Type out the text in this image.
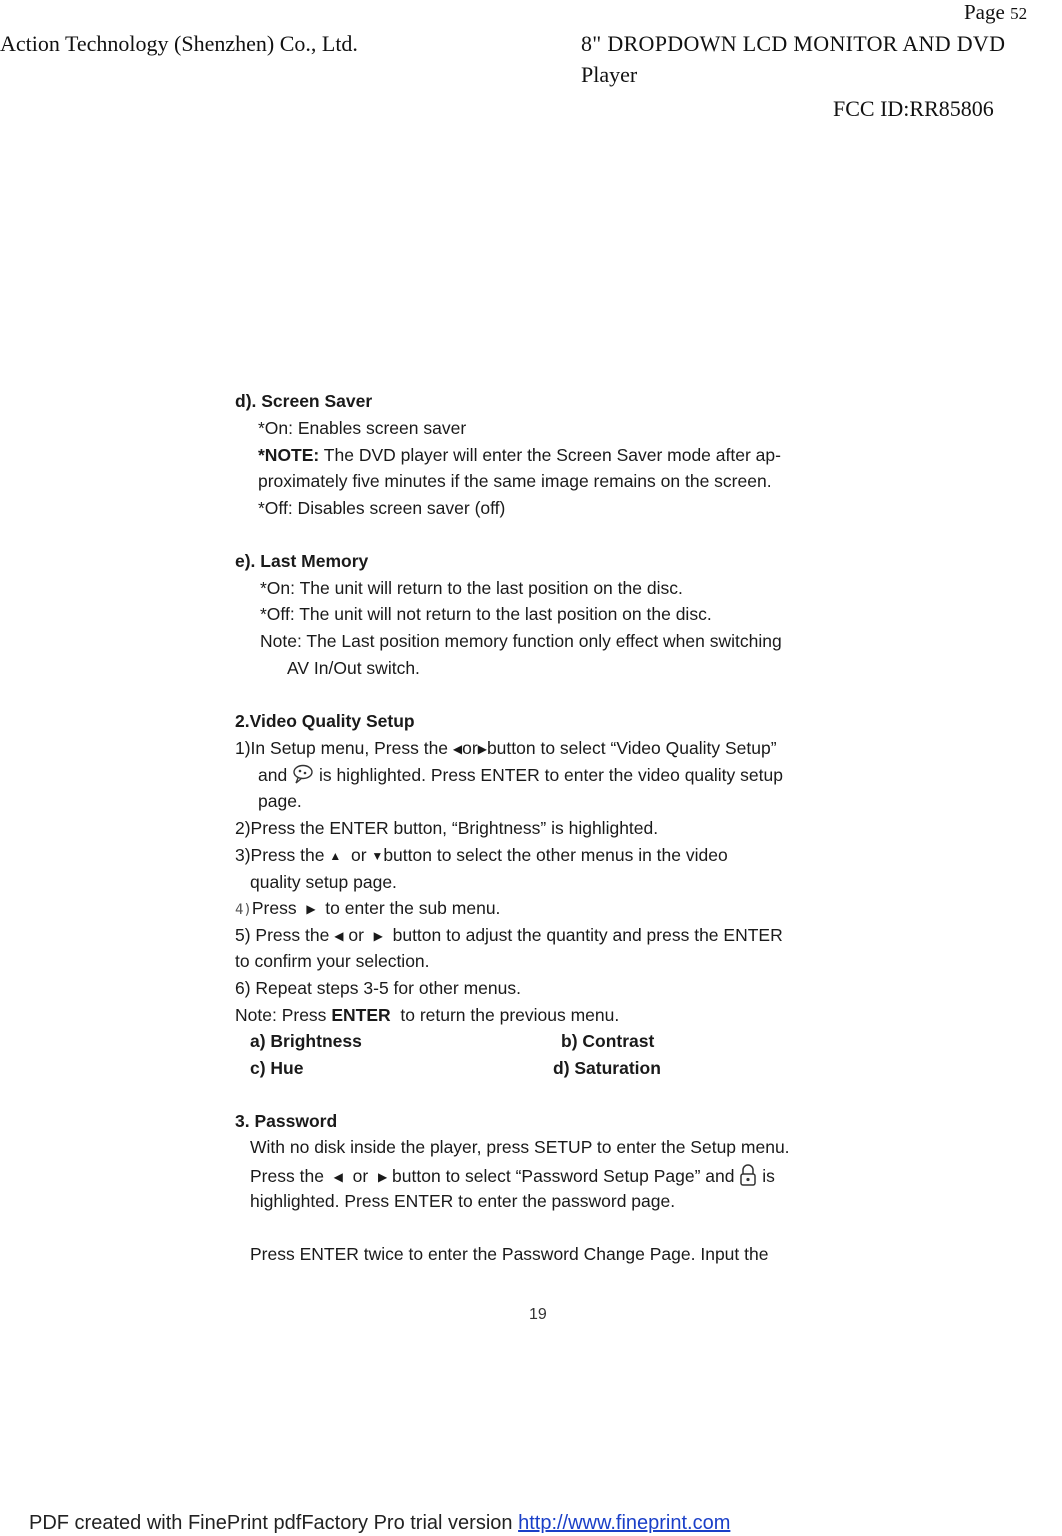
Page 52
Action Technology (Shenzhen) Co., Ltd.	8" DROPDOWN LCD MONITOR AND DVD
Player
FCC ID:RR85806
d). Screen Saver
*On: Enables screen saver
*NOTE: The DVD player will enter the Screen Saver mode after ap-
proximately five minutes if the same image remains on the screen.
*Off: Disables screen saver (off)
e). Last Memory
*On: The unit will return to the last position on the disc.
*Off: The unit will not return to the last position on the disc.
Note: The Last position memory function only effect when switching
AV In/Out switch.
2.Video Quality Setup
1)In Setup menu, Press the ◀or▶button to select “Video Quality Setup”
and is highlighted. Press ENTER to enter the video quality setup
page.
2)Press the ENTER button, “Brightness” is highlighted.
3)Press the ▲ or ▼button to select the other menus in the video
quality setup page.
4)Press ▶ to enter the sub menu.
5) Press the ◀ or ▶ button to adjust the quantity and press the ENTER
to confirm your selection.
6) Repeat steps 3-5 for other menus.
Note: Press ENTER to return the previous menu.
a) Brightness	b) Contrast
c) Hue	d) Saturation
3. Password
With no disk inside the player, press SETUP to enter the Setup menu.
Press the ◀ or ▶ button to select “Password Setup Page” and is
highlighted. Press ENTER to enter the password page.
Press ENTER twice to enter the Password Change Page. Input the
19
PDF created with FinePrint pdfFactory Pro trial version http://www.fineprint.com
